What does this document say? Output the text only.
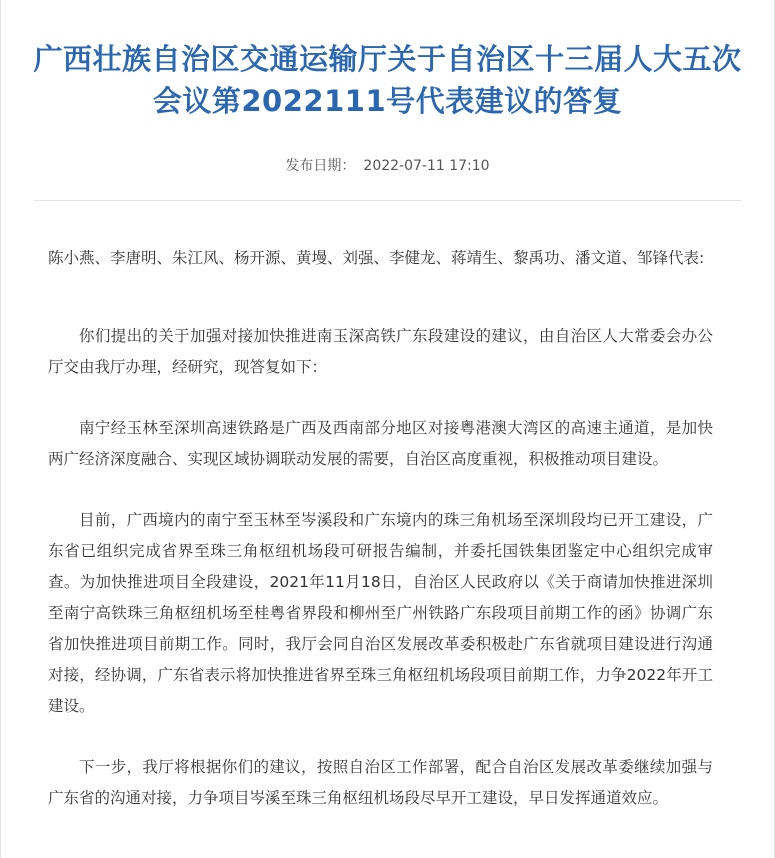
广西壮族自治区交通运输厅关于自治区十三届人大五次会议第2022111号代表建议的答复
发布日期： 2022-07-11 17:10

陈小燕、李唐明、朱江风、杨开源、黄墁、刘强、李健龙、蒋靖生、黎禹功、潘文道、邹锋代表:

你们提出的关于加强对接加快推进南玉深高铁广东段建设的建议，由自治区人大常委会办公厅交由我厅办理，经研究，现答复如下：

南宁经玉林至深圳高速铁路是广西及西南部分地区对接粤港澳大湾区的高速主通道，是加快两广经济深度融合、实现区域协调联动发展的需要，自治区高度重视，积极推动项目建设。

目前，广西境内的南宁至玉林至岑溪段和广东境内的珠三角机场至深圳段均已开工建设，广东省已组织完成省界至珠三角枢纽机场段可研报告编制，并委托国铁集团鉴定中心组织完成审查。为加快推进项目全段建设，2021年11月18日，自治区人民政府以《关于商请加快推进深圳至南宁高铁珠三角枢纽机场至桂粤省界段和柳州至广州铁路广东段项目前期工作的函》协调广东省加快推进项目前期工作。同时，我厅会同自治区发展改革委积极赴广东省就项目建设进行沟通对接，经协调，广东省表示将加快推进省界至珠三角枢纽机场段项目前期工作，力争2022年开工建设。

下一步，我厅将根据你们的建议，按照自治区工作部署，配合自治区发展改革委继续加强与广东省的沟通对接，力争项目岑溪至珠三角枢纽机场段尽早开工建设，早日发挥通道效应。
